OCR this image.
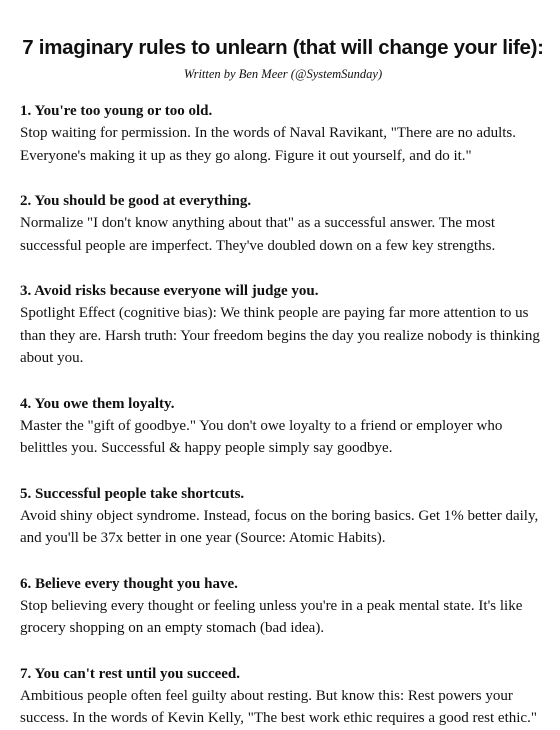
7 imaginary rules to unlearn (that will change your life):

Written by Ben Meer (@SystemSunday)

1. You're too young or too old.

Stop waiting for permission. In the words of Naval Ravikant, "There are no adults. Everyone's making it up as they go along. Figure it out yourself, and do it."

2. You should be good at everything.

Normalize "I don't know anything about that" as a successful answer. The most successful people are imperfect. They've doubled down on a few key strengths.

3. Avoid risks because everyone will judge you.

Spotlight Effect (cognitive bias): We think people are paying far more attention to us than they are. Harsh truth: Your freedom begins the day you realize nobody is thinking about you.

4. You owe them loyalty.

Master the "gift of goodbye." You don't owe loyalty to a friend or employer who belittles you. Successful & happy people simply say goodbye.

5. Successful people take shortcuts.

Avoid shiny object syndrome. Instead, focus on the boring basics. Get 1% better daily, and you'll be 37x better in one year (Source: Atomic Habits).

6. Believe every thought you have.

Stop believing every thought or feeling unless you're in a peak mental state. It's like grocery shopping on an empty stomach (bad idea).

7. You can't rest until you succeed.

Ambitious people often feel guilty about resting. But know this: Rest powers your success. In the words of Kevin Kelly, "The best work ethic requires a good rest ethic."
